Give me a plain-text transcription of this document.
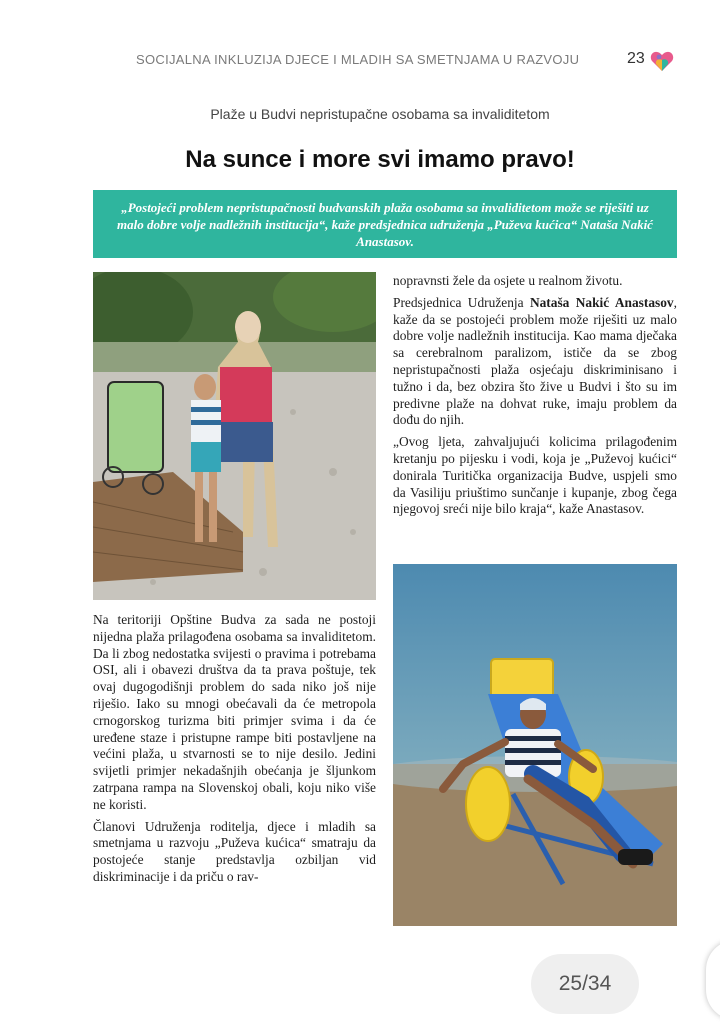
SOCIJALNA INKLUZIJA DJECE I MLADIH SA SMETNJAMA U RAZVOJU	23
Plaže u Budvi nepristupačne osobama sa invaliditetom
Na sunce i more svi imamo pravo!
„Postojeći problem nepristupačnosti budvanskih plaža osobama sa invaliditetom može se riješiti uz malo dobre volje nadležnih institucija“, kaže predsjednica udruženja „Puževa kućica“ Nataša Nakić Anastasov.

Na teritoriji Opštine Budva za sada ne postoji nijedna plaža prilagođena osobama sa invaliditetom. Da li zbog nedostatka svijesti o pravima i potrebama OSI, ali i obavezi društva da ta prava poštuje, tek ovaj dugogodišnji problem do sada niko još nije riješio. Iako su mnogi obećavali da će metropola crnogorskog turizma biti primjer svima i da će uređene staze i pristupne rampe biti postavljene na većini plaža, u stvarnosti se to nije desilo. Jedini svijetli primjer nekadašnjih obećanja je šljunkom zatrpana rampa na Slovenskoj obali, koju niko više ne koristi.

Članovi Udruženja roditelja, djece i mladih sa smetnjama u razvoju „Puževa kućica“ smatraju da postojeće stanje predstavlja ozbiljan vid diskriminacije i da priču o rav-

nopravnsti žele da osjete u realnom životu.

Predsjednica Udruženja Nataša Nakić Anastasov, kaže da se postojeći problem može riješiti uz malo dobre volje nadležnih institucija. Kao mama dječaka sa cerebralnom paralizom, ističe da se zbog nepristupačnosti plaža osjećaju diskriminisano i tužno i da, bez obzira što žive u Budvi i što su im predivne plaže na dohvat ruke, imaju problem da dođu do njih.

„Ovog ljeta, zahvaljujući kolicima prilagođenim kretanju po pijesku i vodi, koja je „Puževoj kućici“ donirala Turitička organizacija Budve, uspjeli smo da Vasiliju priuštimo sunčanje i kupanje, zbog čega njegovoj sreći nije bilo kraja“, kaže Anastasov.

25/34
